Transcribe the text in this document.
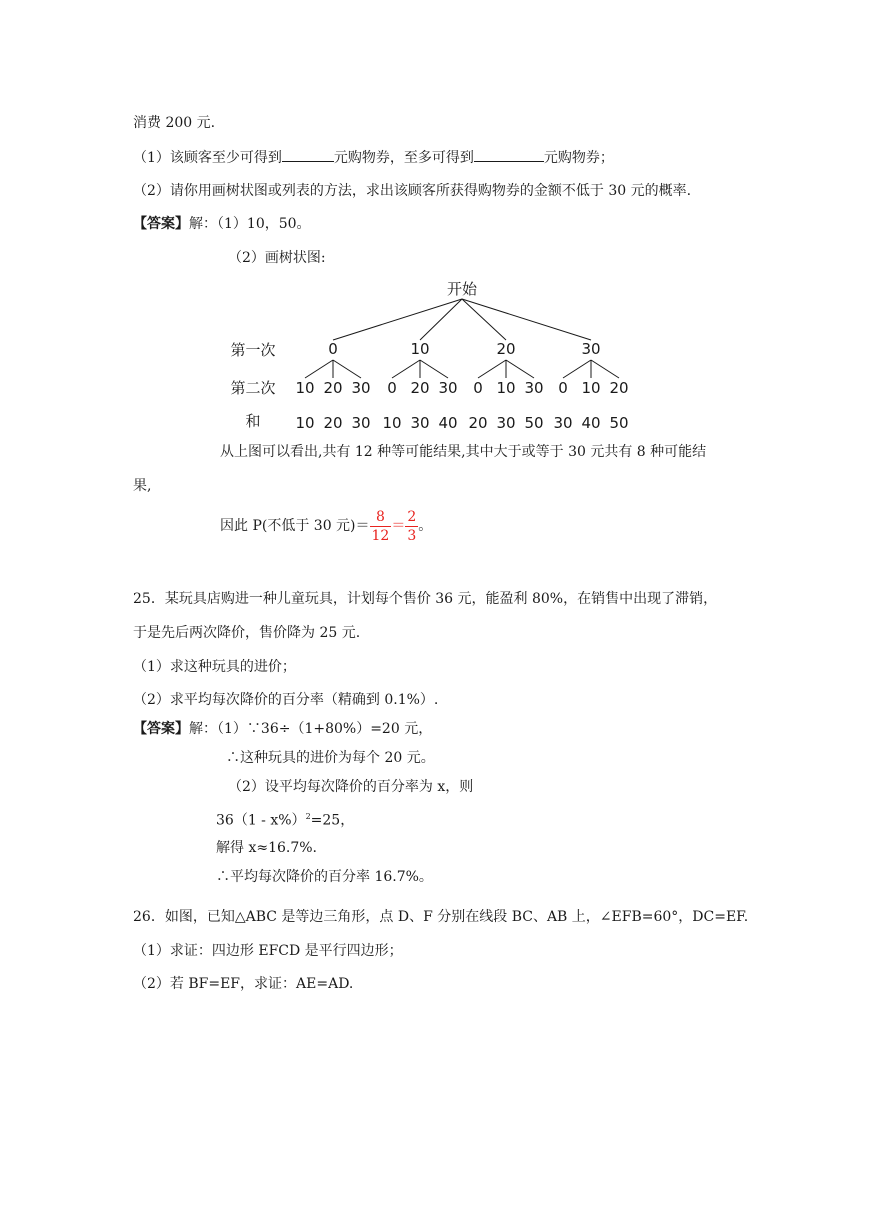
消费 200 元.
（1）该顾客至少可得到	元购物券，至多可得到	元购物券；
（2）请你用画树状图或列表的方法，求出该顾客所获得购物券的金额不低于 30 元的概率.
【答案】解：（1）10，50。
（2）画树状图:
开始
第一次
第二次
和
0
10
10
20
20
30
30
10
0
10
20
30
30
40
20
0
20
10
30
30
50
30
0
30
10
40
20
50
从上图可以看出,共有 12 种等可能结果,其中大于或等于 30 元共有 8 种可能结
果,
因此 P(不低于 30 元)＝ $\frac{8}{12} = \frac{2}{3}$ 。
25．某玩具店购进一种儿童玩具，计划每个售价 36 元，能盈利 80%，在销售中出现了滞销，
于是先后两次降价，售价降为 25 元.
（1）求这种玩具的进价；
（2）求平均每次降价的百分率（精确到 0.1%）.
【答案】解：（1）∵36÷（1+80%）=20 元，
∴这种玩具的进价为每个 20 元。
（2）设平均每次降价的百分率为 x，则
36（1 - x%）$^2$=25，
解得 x≈16.7%.
∴平均每次降价的百分率 16.7%。
26．如图，已知△ABC 是等边三角形，点 D、F 分别在线段 BC、AB 上，∠EFB=60°，DC=EF.
（1）求证：四边形 EFCD 是平行四边形；
（2）若 BF=EF，求证：AE=AD.
